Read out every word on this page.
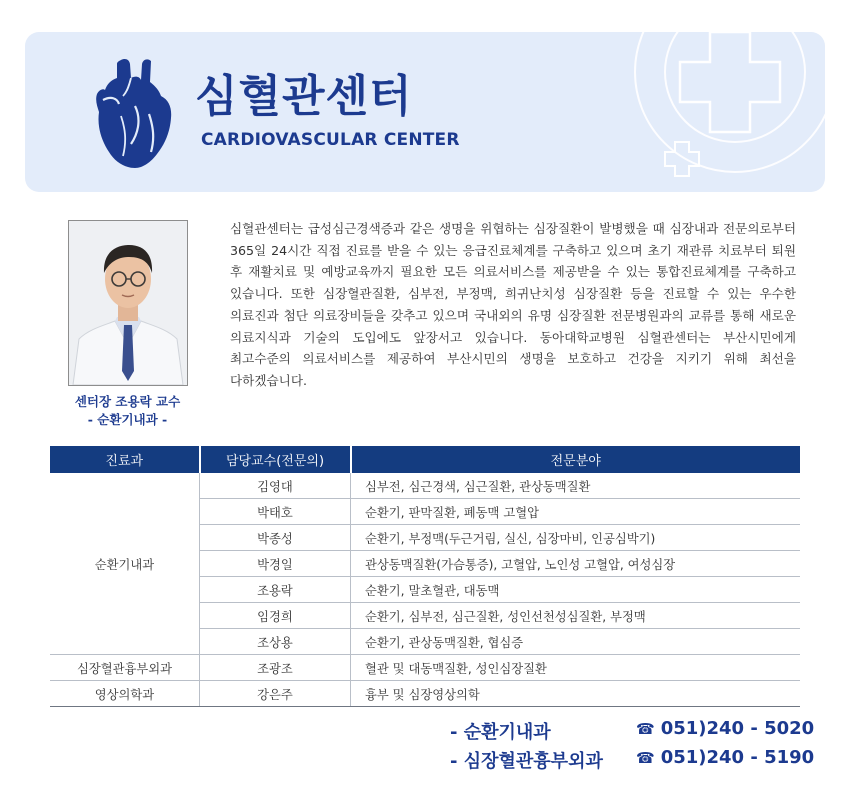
심혈관센터
CARDIOVASCULAR CENTER
센터장 조용락 교수
- 순환기내과 -
심혈관센터는 급성심근경색증과 같은 생명을 위협하는 심장질환이 발병했을 때 심장내과 전문의로부터 365일 24시간 직접 진료를 받을 수 있는 응급진료체계를 구축하고 있으며 초기 재관류 치료부터 퇴원 후 재활치료 및 예방교육까지 필요한 모든 의료서비스를 제공받을 수 있는 통합진료체계를 구축하고 있습니다. 또한 심장혈관질환, 심부전, 부정맥, 희귀난치성 심장질환 등을 진료할 수 있는 우수한 의료진과 첨단 의료장비들을 갖추고 있으며 국내외의 유명 심장질환 전문병원과의 교류를 통해 새로운 의료지식과 기술의 도입에도 앞장서고 있습니다. 동아대학교병원 심혈관센터는 부산시민에게 최고수준의 의료서비스를 제공하여 부산시민의 생명을 보호하고 건강을 지키기 위해 최선을 다하겠습니다.
진료과	담당교수(전문의)	전문분야
순환기내과	김영대	심부전, 심근경색, 심근질환, 관상동맥질환
	박태호	순환기, 판막질환, 폐동맥 고혈압
	박종성	순환기, 부정맥(두근거림, 실신, 심장마비, 인공심박기)
	박경일	관상동맥질환(가슴통증), 고혈압, 노인성 고혈압, 여성심장
	조용락	순환기, 말초혈관, 대동맥
	임경희	순환기, 심부전, 심근질환, 성인선천성심질환, 부정맥
	조상용	순환기, 관상동맥질환, 협심증
심장혈관흉부외과	조광조	혈관 및 대동맥질환, 성인심장질환
영상의학과	강은주	흉부 및 심장영상의학
- 순환기내과	☎ 051)240 - 5020
- 심장혈관흉부외과 ☎ 051)240 - 5190
